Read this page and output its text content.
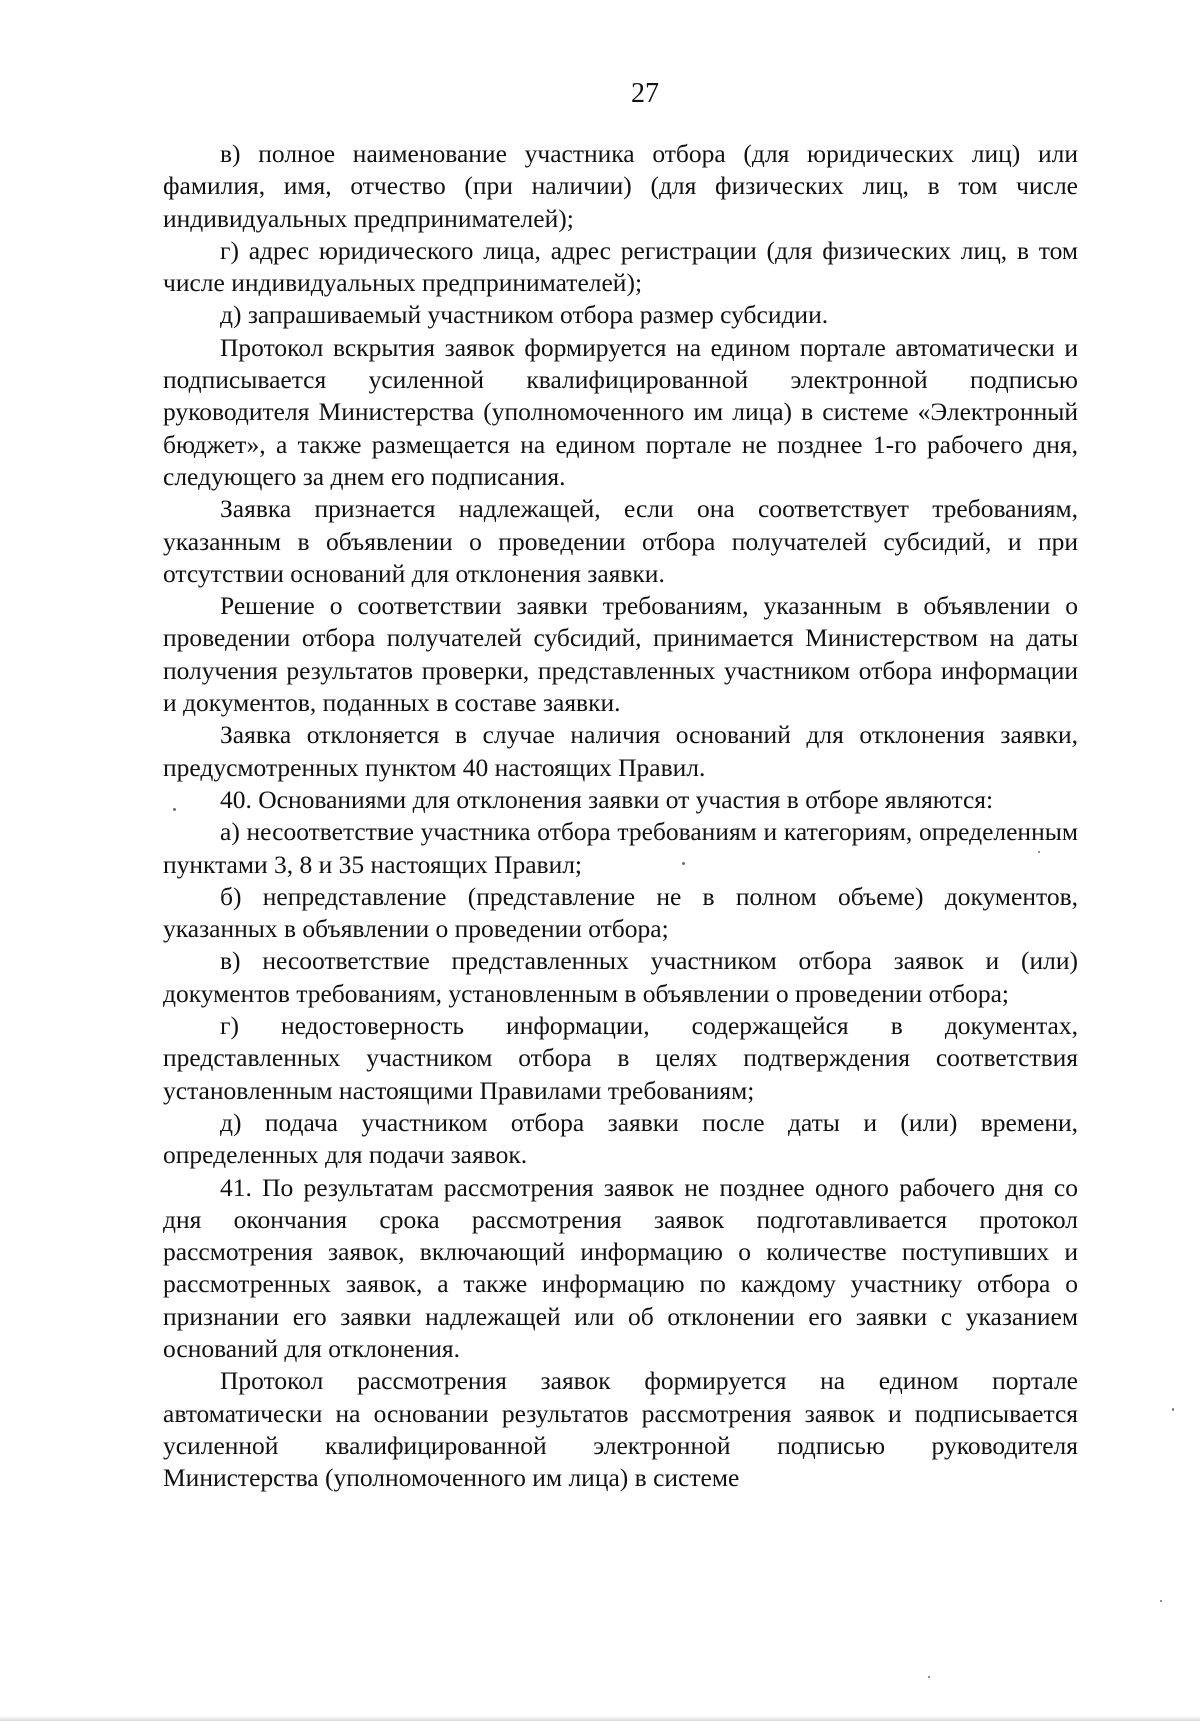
27

в) полное наименование участника отбора (для юридических лиц) или фамилия, имя, отчество (при наличии) (для физических лиц, в том числе индивидуальных предпринимателей);

г) адрес юридического лица, адрес регистрации (для физических лиц, в том числе индивидуальных предпринимателей);

д) запрашиваемый участником отбора размер субсидии.

Протокол вскрытия заявок формируется на едином портале автоматически и подписывается усиленной квалифицированной электронной подписью руководителя Министерства (уполномоченного им лица) в системе «Электронный бюджет», а также размещается на едином портале не позднее 1-го рабочего дня, следующего за днем его подписания.

Заявка признается надлежащей, если она соответствует требованиям, указанным в объявлении о проведении отбора получателей субсидий, и при отсутствии оснований для отклонения заявки.

Решение о соответствии заявки требованиям, указанным в объявлении о проведении отбора получателей субсидий, принимается Министерством на даты получения результатов проверки, представленных участником отбора информации и документов, поданных в составе заявки.

Заявка отклоняется в случае наличия оснований для отклонения заявки, предусмотренных пунктом 40 настоящих Правил.

40. Основаниями для отклонения заявки от участия в отборе являются:

а) несоответствие участника отбора требованиям и категориям, определенным пунктами 3, 8 и 35 настоящих Правил;

б) непредставление (представление не в полном объеме) документов, указанных в объявлении о проведении отбора;

в) несоответствие представленных участником отбора заявок и (или) документов требованиям, установленным в объявлении о проведении отбора;

г) недостоверность информации, содержащейся в документах, представленных участником отбора в целях подтверждения соответствия установленным настоящими Правилами требованиям;

д) подача участником отбора заявки после даты и (или) времени, определенных для подачи заявок.

41. По результатам рассмотрения заявок не позднее одного рабочего дня со дня окончания срока рассмотрения заявок подготавливается протокол рассмотрения заявок, включающий информацию о количестве поступивших и рассмотренных заявок, а также информацию по каждому участнику отбора о признании его заявки надлежащей или об отклонении его заявки с указанием оснований для отклонения.

Протокол рассмотрения заявок формируется на едином портале автоматически на основании результатов рассмотрения заявок и подписывается усиленной квалифицированной электронной подписью руководителя Министерства (уполномоченного им лица) в системе
